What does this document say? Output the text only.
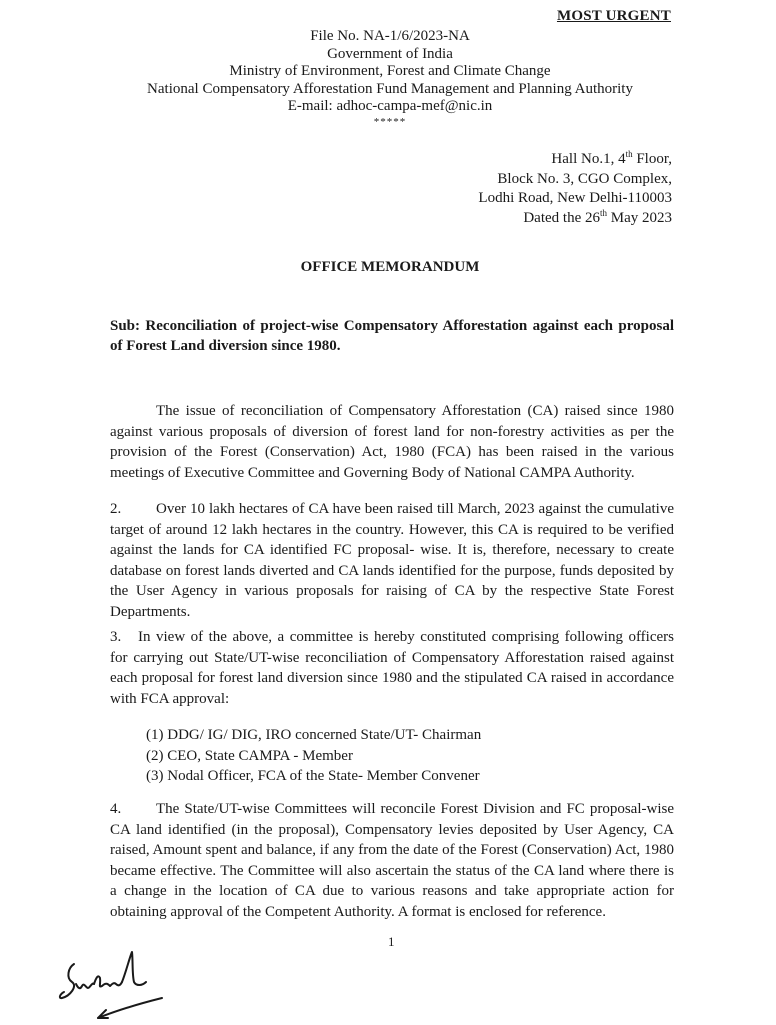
MOST URGENT
File No. NA-1/6/2023-NA
Government of India
Ministry of Environment, Forest and Climate Change
National Compensatory Afforestation Fund Management and Planning Authority
E-mail: adhoc-campa-mef@nic.in
*****
Hall No.1, 4th Floor,
Block No. 3, CGO Complex,
Lodhi Road, New Delhi-110003
Dated the 26th May 2023
OFFICE MEMORANDUM
Sub: Reconciliation of project-wise Compensatory Afforestation against each proposal of Forest Land diversion since 1980.
The issue of reconciliation of Compensatory Afforestation (CA) raised since 1980 against various proposals of diversion of forest land for non-forestry activities as per the provision of the Forest (Conservation) Act, 1980 (FCA) has been raised in the various meetings of Executive Committee and Governing Body of National CAMPA Authority.
2. Over 10 lakh hectares of CA have been raised till March, 2023 against the cumulative target of around 12 lakh hectares in the country. However, this CA is required to be verified against the lands for CA identified FC proposal- wise. It is, therefore, necessary to create database on forest lands diverted and CA lands identified for the purpose, funds deposited by the User Agency in various proposals for raising of CA by the respective State Forest Departments.
3. In view of the above, a committee is hereby constituted comprising following officers for carrying out State/UT-wise reconciliation of Compensatory Afforestation raised against each proposal for forest land diversion since 1980 and the stipulated CA raised in accordance with FCA approval:
(1) DDG/ IG/ DIG, IRO concerned State/UT- Chairman
(2) CEO, State CAMPA - Member
(3) Nodal Officer, FCA of the State- Member Convener
4. The State/UT-wise Committees will reconcile Forest Division and FC proposal-wise CA land identified (in the proposal), Compensatory levies deposited by User Agency, CA raised, Amount spent and balance, if any from the date of the Forest (Conservation) Act, 1980 became effective. The Committee will also ascertain the status of the CA land where there is a change in the location of CA due to various reasons and take appropriate action for obtaining approval of the Competent Authority. A format is enclosed for reference.
1
